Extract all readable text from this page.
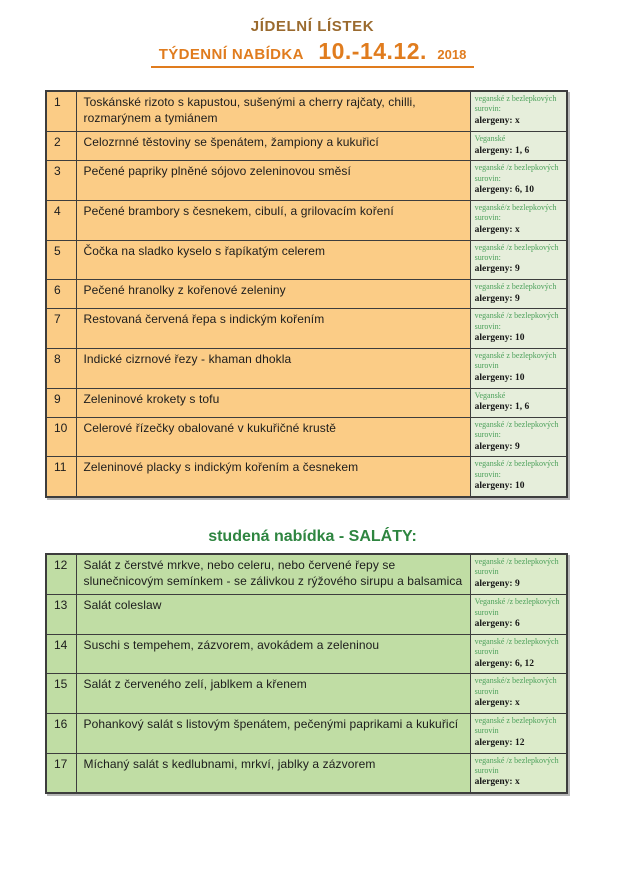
JÍDELNÍ LÍSTEK
TÝDENNÍ NABÍDKA 10.-14.12. 2018
1	Toskánské rizoto s kapustou, sušenými a cherry rajčaty, chilli, rozmarýnem a tymiánem	veganské z bezlepkových surovin:
alergeny: x

2	Celozrnné těstoviny se špenátem, žampiony a kukuřicí	Veganské
alergeny: 1, 6

3	Pečené papriky plněné sójovo zeleninovou směsí	veganské /z bezlepkových surovin:
alergeny: 6, 10

4	Pečené brambory s česnekem, cibulí, a grilovacím koření	veganské/z bezlepkových surovin:
alergeny: x

5	Čočka na sladko kyselo s řapíkatým celerem	veganské /z bezlepkových surovin:
alergeny: 9

6	Pečené hranolky z kořenové zeleniny	veganské z bezlepkových
alergeny: 9

7	Restovaná červená řepa s indickým kořením	veganské /z bezlepkových surovin:
alergeny: 10

8	Indické cizrnové řezy - khaman dhokla	veganské z bezlepkových surovin
alergeny: 10

9	Zeleninové krokety s tofu	Veganské
alergeny: 1, 6

10	Celerové řízečky obalované v kukuřičné krustě	veganské /z bezlepkových surovin:
alergeny: 9

11	Zeleninové placky s indickým kořením a česnekem	veganské /z bezlepkových surovin:
alergeny: 10
studená nabídka - SALÁTY:
12	Salát z čerstvé mrkve, nebo celeru, nebo červené řepy se slunečnicovým semínkem - se zálivkou z rýžového sirupu a balsamica	veganské /z bezlepkových surovin
alergeny: 9

13	Salát coleslaw	Veganské /z bezlepkových surovin
alergeny: 6

14	Suschi s tempehem, zázvorem, avokádem a zeleninou	veganské /z bezlepkových surovin
alergeny: 6, 12

15	Salát z červeného zelí, jablkem a křenem	veganské/z bezlepkových surovin
alergeny: x

16	Pohankový salát s listovým špenátem, pečenými paprikami a kukuřicí	veganské z bezlepkových surovin
alergeny: 12

17	Míchaný salát s kedlubnami, mrkví, jablky a zázvorem	veganské /z bezlepkových surovin
alergeny: x
